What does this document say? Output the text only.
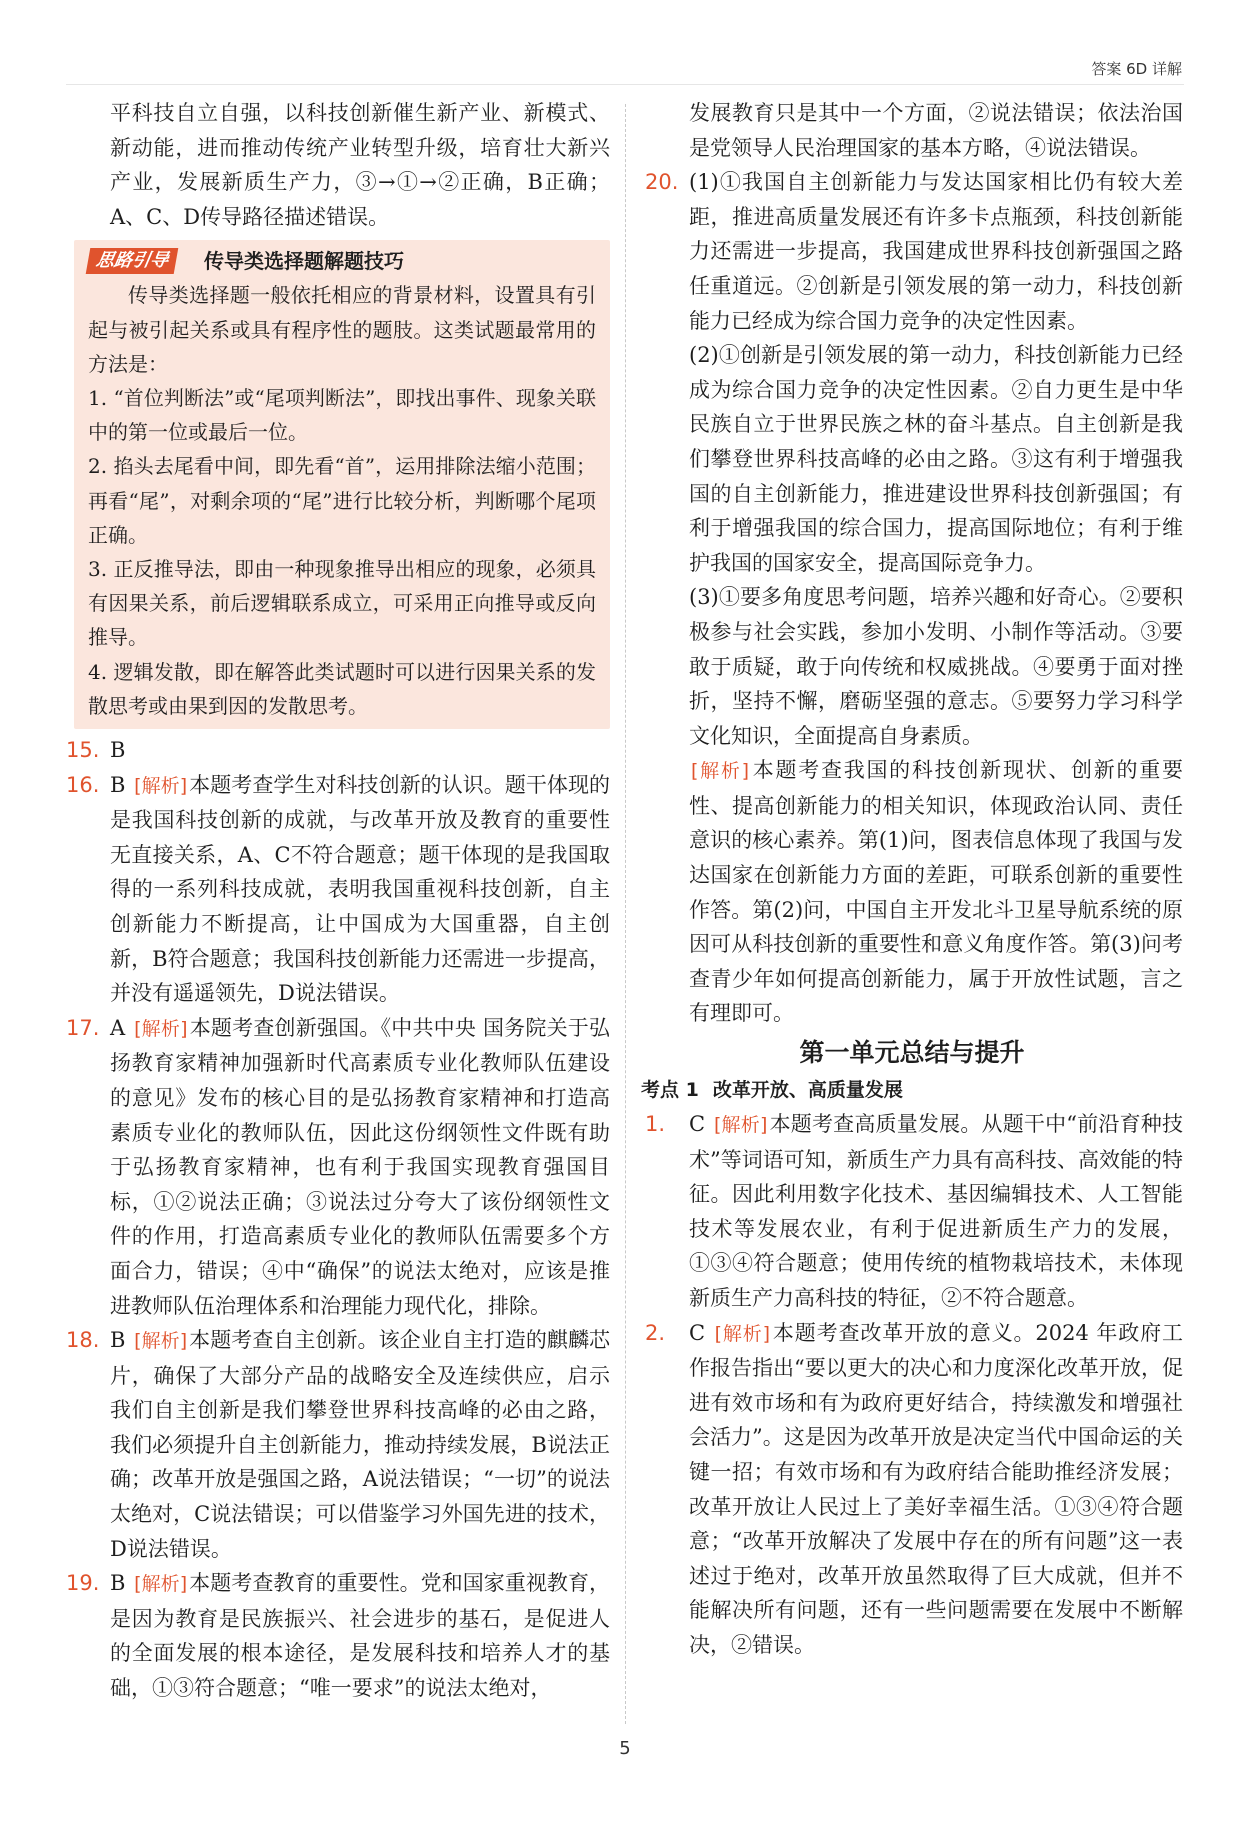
答案 6D 详解

平科技自立自强，以科技创新催生新产业、新模式、新动能，进而推动传统产业转型升级，培育壮大新兴产业，发展新质生产力，③→①→②正确，B正确；A、C、D传导路径描述错误。

思路引导	传导类选择题解题技巧

传导类选择题一般依托相应的背景材料，设置具有引起与被引起关系或具有程序性的题肢。这类试题最常用的方法是：

1. “首位判断法”或“尾项判断法”，即找出事件、现象关联中的第一位或最后一位。

2. 掐头去尾看中间，即先看“首”，运用排除法缩小范围；再看“尾”，对剩余项的“尾”进行比较分析，判断哪个尾项正确。

3. 正反推导法，即由一种现象推导出相应的现象，必须具有因果关系，前后逻辑联系成立，可采用正向推导或反向推导。

4. 逻辑发散，即在解答此类试题时可以进行因果关系的发散思考或由果到因的发散思考。

15. B
16. B [解析]本题考查学生对科技创新的认识。题干体现的是我国科技创新的成就，与改革开放及教育的重要性无直接关系，A、C不符合题意；题干体现的是我国取得的一系列科技成就，表明我国重视科技创新，自主创新能力不断提高，让中国成为大国重器，自主创新，B符合题意；我国科技创新能力还需进一步提高，并没有遥遥领先，D说法错误。
17. A [解析]本题考查创新强国。《中共中央 国务院关于弘扬教育家精神加强新时代高素质专业化教师队伍建设的意见》发布的核心目的是弘扬教育家精神和打造高素质专业化的教师队伍，因此这份纲领性文件既有助于弘扬教育家精神，也有利于我国实现教育强国目标，①②说法正确；③说法过分夸大了该份纲领性文件的作用，打造高素质专业化的教师队伍需要多个方面合力，错误；④中“确保”的说法太绝对，应该是推进教师队伍治理体系和治理能力现代化，排除。
18. B [解析]本题考查自主创新。该企业自主打造的麒麟芯片，确保了大部分产品的战略安全及连续供应，启示我们自主创新是我们攀登世界科技高峰的必由之路，我们必须提升自主创新能力，推动持续发展，B说法正确；改革开放是强国之路，A说法错误；“一切”的说法太绝对，C说法错误；可以借鉴学习外国先进的技术，D说法错误。
19. B [解析]本题考查教育的重要性。党和国家重视教育，是因为教育是民族振兴、社会进步的基石，是促进人的全面发展的根本途径，是发展科技和培养人才的基础，①③符合题意；“唯一要求”的说法太绝对，

发展教育只是其中一个方面，②说法错误；依法治国是党领导人民治理国家的基本方略，④说法错误。

20. (1)①我国自主创新能力与发达国家相比仍有较大差距，推进高质量发展还有许多卡点瓶颈，科技创新能力还需进一步提高，我国建成世界科技创新强国之路任重道远。②创新是引领发展的第一动力，科技创新能力已经成为综合国力竞争的决定性因素。

(2)①创新是引领发展的第一动力，科技创新能力已经成为综合国力竞争的决定性因素。②自力更生是中华民族自立于世界民族之林的奋斗基点。自主创新是我们攀登世界科技高峰的必由之路。③这有利于增强我国的自主创新能力，推进建设世界科技创新强国；有利于增强我国的综合国力，提高国际地位；有利于维护我国的国家安全，提高国际竞争力。

(3)①要多角度思考问题，培养兴趣和好奇心。②要积极参与社会实践，参加小发明、小制作等活动。③要敢于质疑，敢于向传统和权威挑战。④要勇于面对挫折，坚持不懈，磨砺坚强的意志。⑤要努力学习科学文化知识，全面提高自身素质。

[解析]本题考查我国的科技创新现状、创新的重要性、提高创新能力的相关知识，体现政治认同、责任意识的核心素养。第(1)问，图表信息体现了我国与发达国家在创新能力方面的差距，可联系创新的重要性作答。第(2)问，中国自主开发北斗卫星导航系统的原因可从科技创新的重要性和意义角度作答。第(3)问考查青少年如何提高创新能力，属于开放性试题，言之有理即可。

第一单元总结与提升
考点 1 改革开放、高质量发展
1. C [解析]本题考查高质量发展。从题干中“前沿育种技术”等词语可知，新质生产力具有高科技、高效能的特征。因此利用数字化技术、基因编辑技术、人工智能技术等发展农业，有利于促进新质生产力的发展，①③④符合题意；使用传统的植物栽培技术，未体现新质生产力高科技的特征，②不符合题意。
2. C [解析]本题考查改革开放的意义。2024 年政府工作报告指出“要以更大的决心和力度深化改革开放，促进有效市场和有为政府更好结合，持续激发和增强社会活力”。这是因为改革开放是决定当代中国命运的关键一招；有效市场和有为政府结合能助推经济发展；改革开放让人民过上了美好幸福生活。①③④符合题意；“改革开放解决了发展中存在的所有问题”这一表述过于绝对，改革开放虽然取得了巨大成就，但并不能解决所有问题，还有一些问题需要在发展中不断解决，②错误。
5
